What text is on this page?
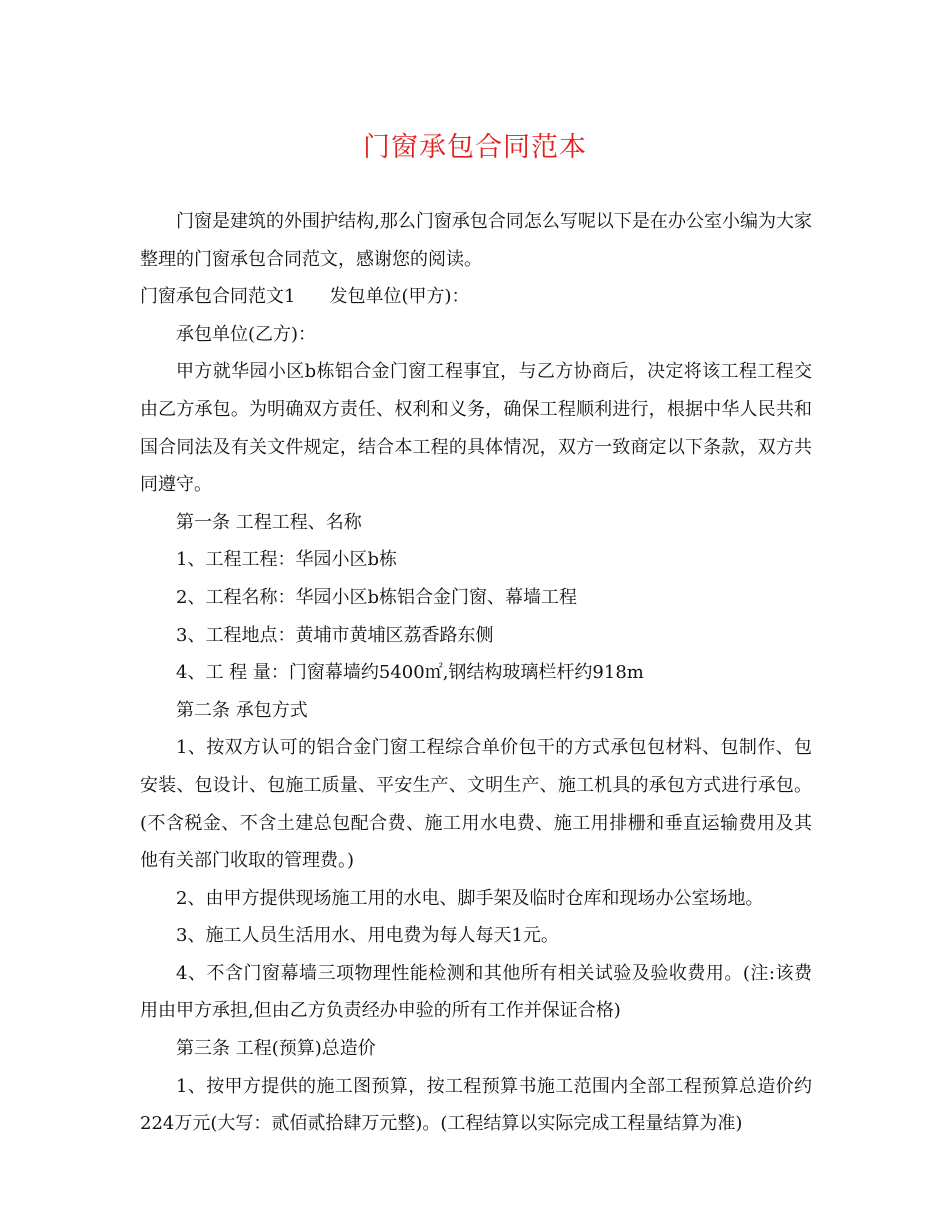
门窗承包合同范本

门窗是建筑的外围护结构,那么门窗承包合同怎么写呢以下是在办公室小编为大家整理的门窗承包合同范文，感谢您的阅读。

门窗承包合同范文1 发包单位(甲方)：

承包单位(乙方)：

甲方就华园小区b栋铝合金门窗工程事宜，与乙方协商后，决定将该工程工程交由乙方承包。为明确双方责任、权利和义务，确保工程顺利进行，根据中华人民共和国合同法及有关文件规定，结合本工程的具体情况，双方一致商定以下条款，双方共同遵守。

第一条 工程工程、名称

1、工程工程：华园小区b栋

2、工程名称：华园小区b栋铝合金门窗、幕墙工程

3、工程地点：黄埔市黄埔区荔香路东侧

4、工 程 量：门窗幕墙约5400㎡,钢结构玻璃栏杆约918m

第二条 承包方式

1、按双方认可的铝合金门窗工程综合单价包干的方式承包包材料、包制作、包安装、包设计、包施工质量、平安生产、文明生产、施工机具的承包方式进行承包。(不含税金、不含土建总包配合费、施工用水电费、施工用排栅和垂直运输费用及其他有关部门收取的管理费。)

2、由甲方提供现场施工用的水电、脚手架及临时仓库和现场办公室场地。

3、施工人员生活用水、用电费为每人每天1元。

4、不含门窗幕墙三项物理性能检测和其他所有相关试验及验收费用。(注:该费用由甲方承担,但由乙方负责经办申验的所有工作并保证合格)

第三条 工程(预算)总造价

1、按甲方提供的施工图预算，按工程预算书施工范围内全部工程预算总造价约224万元(大写：贰佰贰拾肆万元整)。(工程结算以实际完成工程量结算为准)
